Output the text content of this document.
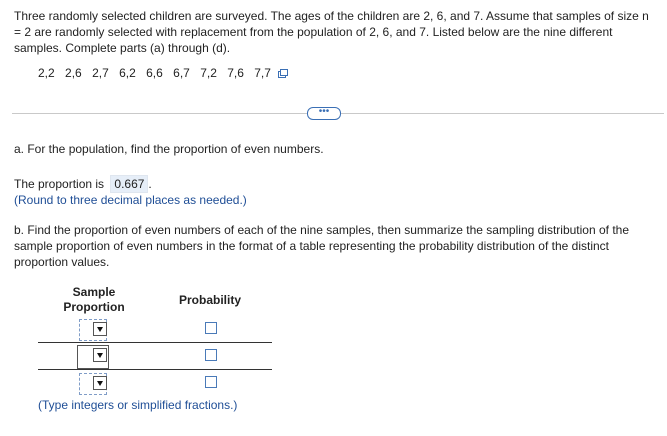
Three randomly selected children are surveyed. The ages of the children are 2, 6, and 7. Assume that samples of size n = 2 are randomly selected with replacement from the population of 2, 6, and 7. Listed below are the nine different samples. Complete parts (a) through (d).
2,2 2,6 2,7 6,2 6,6 6,7 7,2 7,6 7,7
•••
a. For the population, find the proportion of even numbers.
The proportion is 0.667 .
(Round to three decimal places as needed.)
b. Find the proportion of even numbers of each of the nine samples, then summarize the sampling distribution of the sample proportion of even numbers in the format of a table representing the probability distribution of the distinct proportion values.
Sample
Proportion	Probability
(Type integers or simplified fractions.)
